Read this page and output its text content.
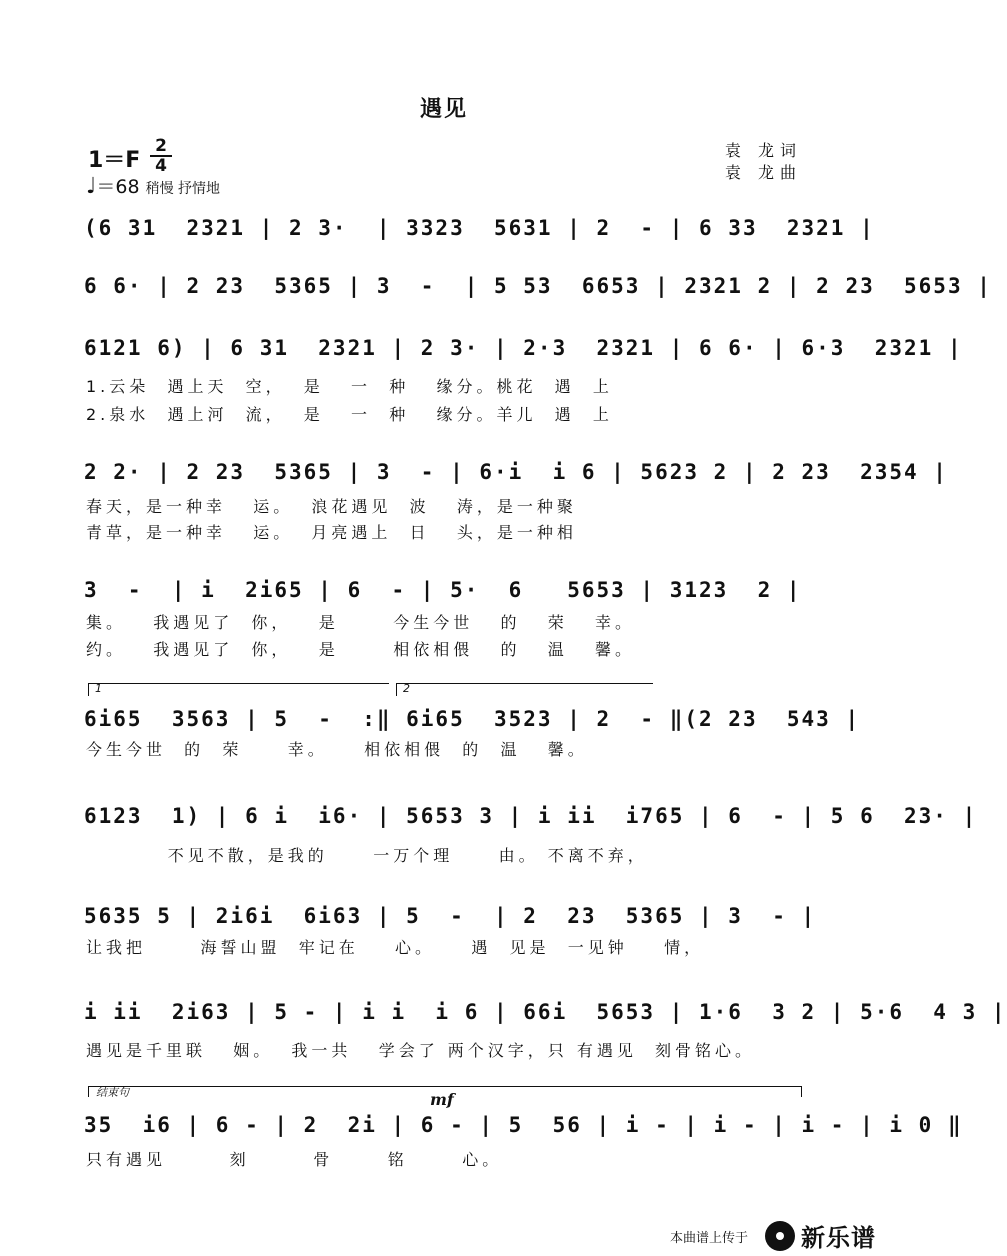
遇见
1＝F
2
4
♩＝68 稍慢 抒情地
袁 龙词
袁 龙曲
(6 31  2321 | 2 3·  | 3323  5631 | 2  - | 6 33  2321 |
6 6· | 2 23  5365 | 3  -  | 5 53  6653 | 2321 2 | 2 23  5653 |
6121 6) | 6 31  2321 | 2 3· | 2·3  2321 | 6 6· | 6·3  2321 |
1.云朵  遇上天  空，  是   一  种   缘分。桃花  遇  上
2.泉水  遇上河  流，  是   一  种   缘分。羊儿  遇  上
2 2· | 2 23  5365 | 3  - | 6·i  i 6 | 5623 2 | 2 23  2354 |
春天，是一种幸   运。  浪花遇见  波   涛，是一种聚
青草，是一种幸   运。  月亮遇上  日   头，是一种相
3  -  | i  2i65 | 6  - | 5·  6   5653 | 3123  2 |
集。   我遇见了  你，   是      今生今世   的   荣   幸。
约。   我遇见了  你，   是      相依相偎   的   温   馨。
1	2
6i65  3563 | 5  -  :‖ 6i65  3523 | 2  - ‖(2 23  543 |
今生今世  的  荣     幸。    相依相偎  的  温   馨。
6123  1) | 6 i  i6· | 5653 3 | i ii  i765 | 6  - | 5 6  23· |
不见不散，是我的     一万个理     由。 不离不弃，
5635 5 | 2i6i  6i63 | 5  -  | 2  23  5365 | 3  - |
让我把      海誓山盟  牢记在    心。    遇  见是  一见钟    情，
i ii  2i63 | 5 - | i i  i 6 | 66i  5653 | 1·6  3 2 | 5·6  4 3 |
遇见是千里联   姻。  我一共   学会了 两个汉字，只 有遇见  刻骨铭心。
结束句	mf
35  i6 | 6 - | 2  2i | 6 - | 5  56 | i - | i - | i - | i 0 ‖
只有遇见       刻       骨      铭      心。
本曲谱上传于 新乐谱
